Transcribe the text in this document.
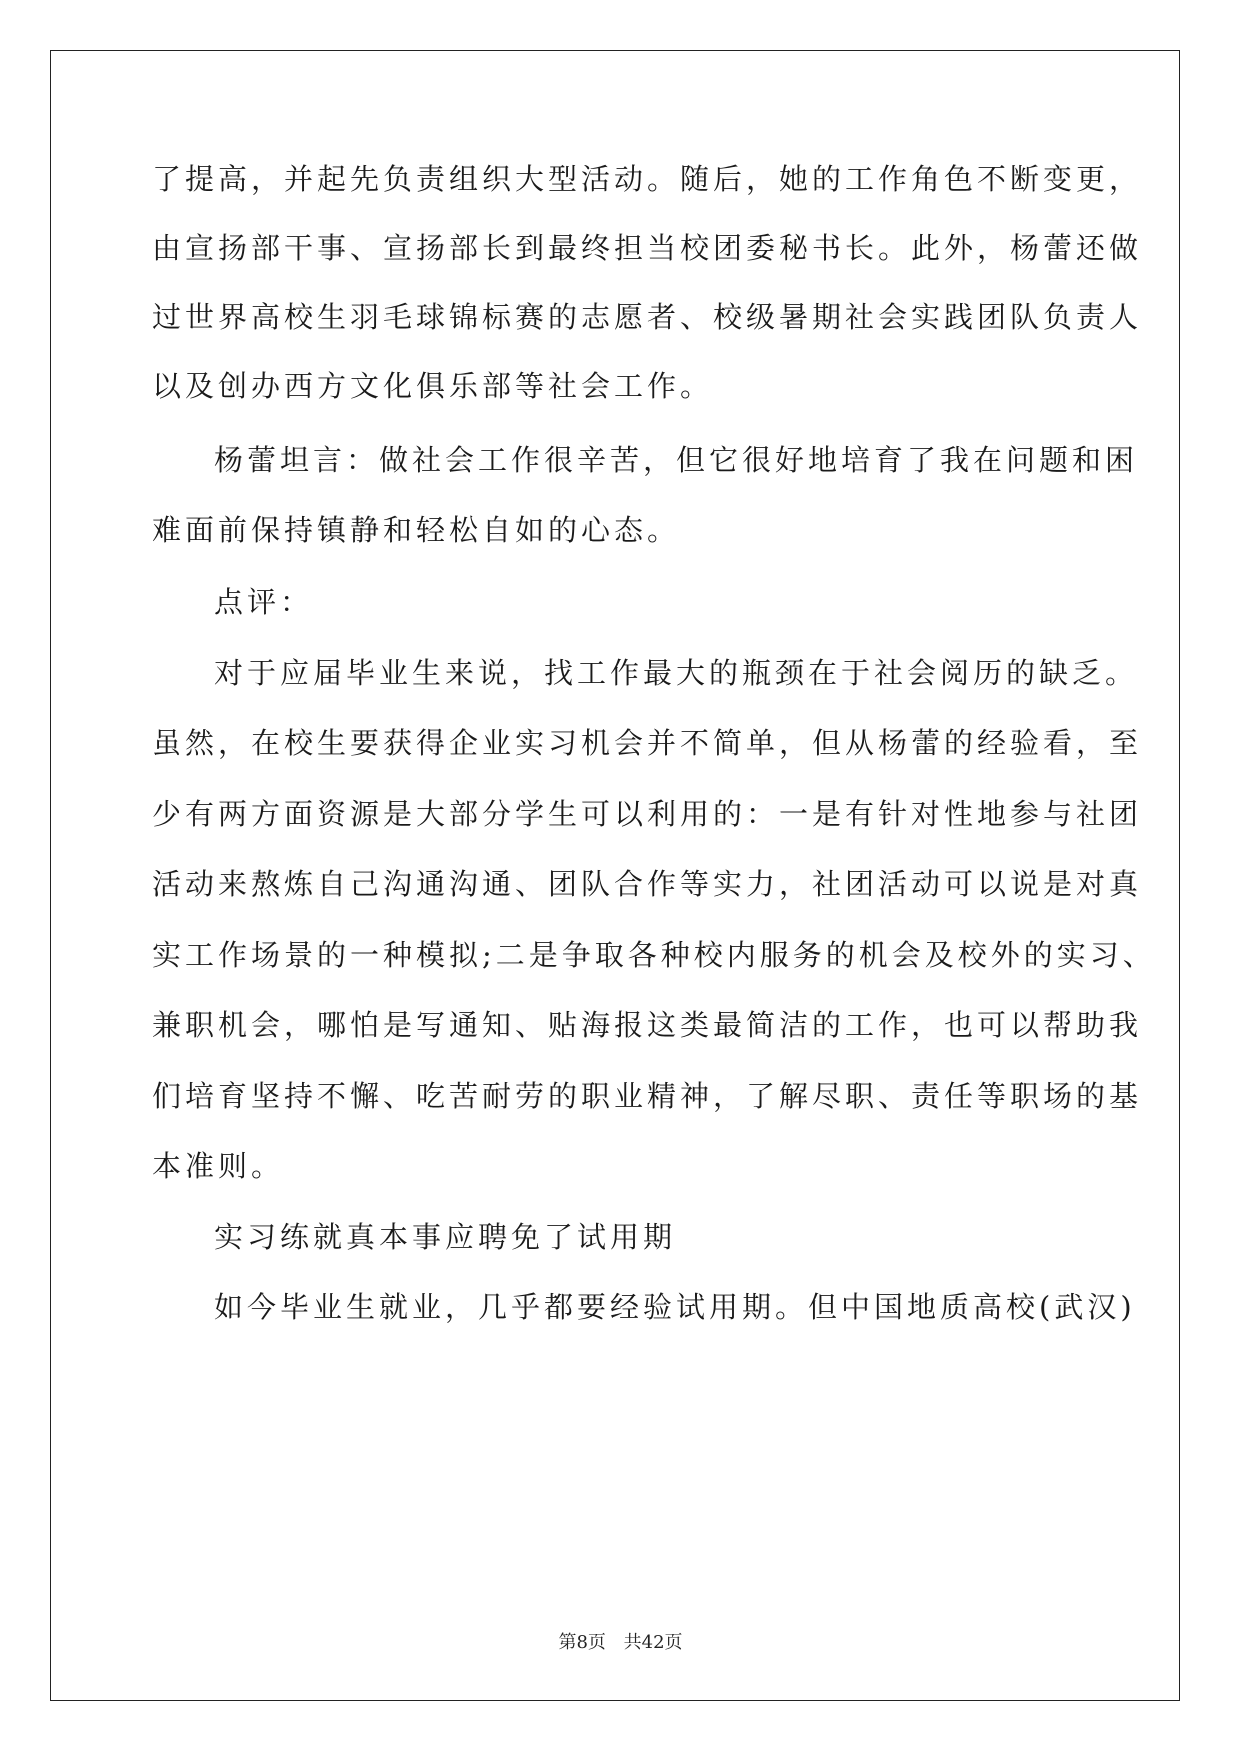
了提高，并起先负责组织大型活动。随后，她的工作角色不断变更，
由宣扬部干事、宣扬部长到最终担当校团委秘书长。此外，杨蕾还做
过世界高校生羽毛球锦标赛的志愿者、校级暑期社会实践团队负责人
以及创办西方文化俱乐部等社会工作。
杨蕾坦言：做社会工作很辛苦，但它很好地培育了我在问题和困
难面前保持镇静和轻松自如的心态。
点评：
对于应届毕业生来说，找工作最大的瓶颈在于社会阅历的缺乏。
虽然，在校生要获得企业实习机会并不简单，但从杨蕾的经验看，至
少有两方面资源是大部分学生可以利用的：一是有针对性地参与社团
活动来熬炼自己沟通沟通、团队合作等实力，社团活动可以说是对真
实工作场景的一种模拟;二是争取各种校内服务的机会及校外的实习、
兼职机会，哪怕是写通知、贴海报这类最简洁的工作，也可以帮助我
们培育坚持不懈、吃苦耐劳的职业精神，了解尽职、责任等职场的基
本准则。
实习练就真本事应聘免了试用期
如今毕业生就业，几乎都要经验试用期。但中国地质高校(武汉)
第8页 共42页
